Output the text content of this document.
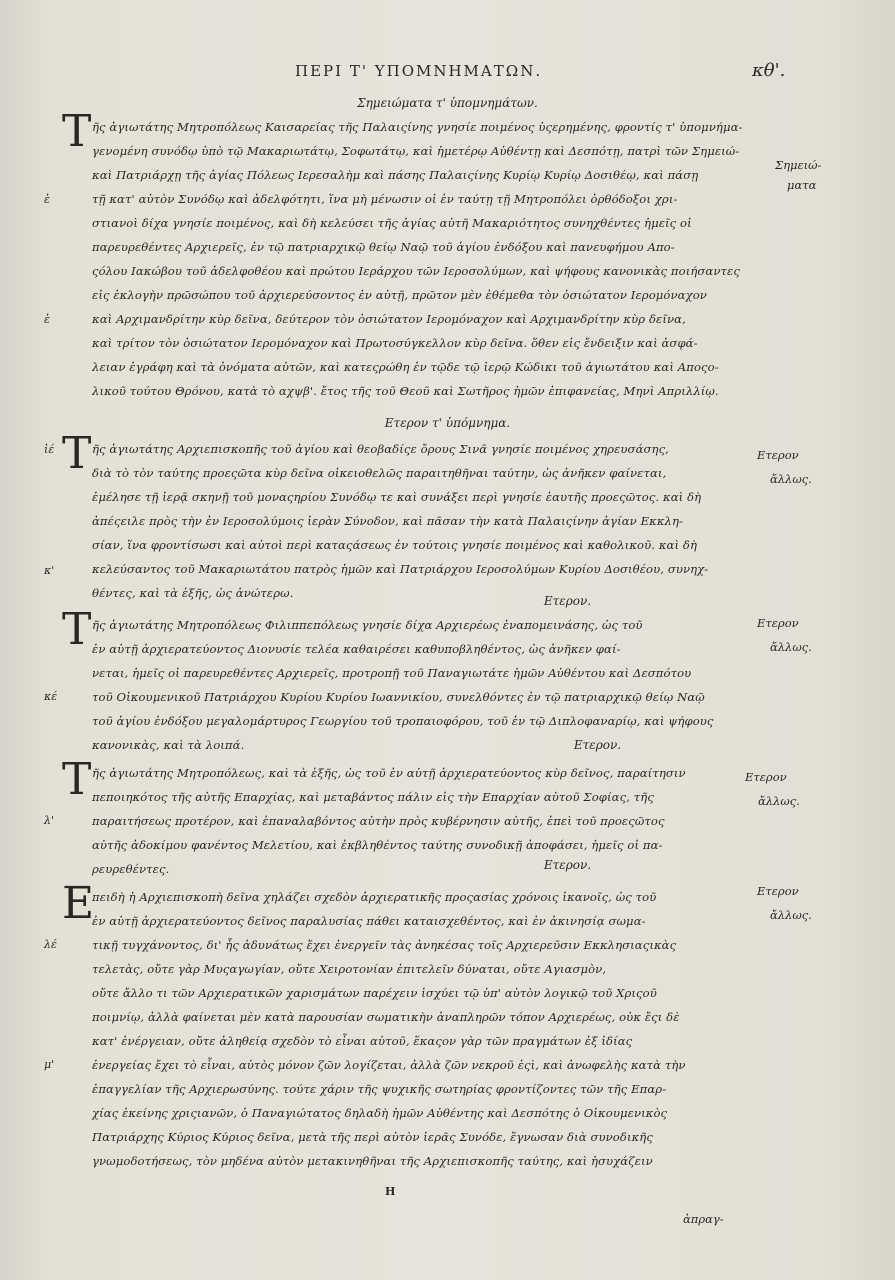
ΠΕΡΙ Τ' ΥΠΟΜΝΗΜΑΤΩΝ.	κθ'.
Σημειώματα τ' ὑπομνημάτων.
Τ ῆς ἁγιωτάτης Μητροπόλεως Καισαρείας τῆς Παλαιςίνης γνησίε ποιμένος ὑςερημένης, φροντίς τ' ὑπομνήμα-
γενομένη συνόδῳ ὑπὸ τῷ Μακαριωτάτῳ, Σοφωτάτῳ, καὶ ἡμετέρῳ Αὐθέντῃ καὶ Δεσπότῃ, πατρὶ τῶν Σημειώ-
καὶ Πατριάρχῃ τῆς ἁγίας Πόλεως Ιερεσαλὴμ καὶ πάσης Παλαιςίνης Κυρίῳ Κυρίῳ Δοσιθέῳ, καὶ πάσῃ
τῇ κατ' αὐτὸν Συνόδῳ καὶ ἀδελφότητι, ἵνα μὴ μένωσιν οἱ ἐν ταύτῃ τῇ Μητροπόλει ὀρθόδοξοι χρι-
στιανοὶ δίχα γνησίε ποιμένος, καὶ δὴ κελεύσει τῆς ἁγίας αὐτῆ Μακαριότητος συνηχθέντες ἡμεῖς οἱ
παρευρεθέντες Αρχιερεῖς, ἐν τῷ πατριαρχικῷ θείῳ Ναῷ τοῦ ἁγίου ἐνδόξου καὶ πανευφήμου Απο-
ςόλου Ιακώβου τοῦ ἀδελφοθέου καὶ πρώτου Ιεράρχου τῶν Ιεροσολύμων, καὶ ψήφους κανονικὰς ποιήσαντες
εἰς ἐκλογὴν πρῶσώπου τοῦ ἀρχιερεύσοντος ἐν αὐτῇ, πρῶτον μὲν ἐθέμεθα τὸν ὁσιώτατον Ιερομόναχον
καὶ Αρχιμανδρίτην κὺρ δεῖνα, δεύτερον τὸν ὁσιώτατον Ιερομόναχον καὶ Αρχιμανδρίτην κὺρ δεῖνα,
καὶ τρίτον τὸν ὁσιώτατον Ιερομόναχον καὶ Πρωτοσύγκελλον κὺρ δεῖνα. ὅθεν εἰς ἔνδειξιν καὶ ἀσφά-
λειαν ἐγράφη καὶ τὰ ὀνόματα αὐτῶν, καὶ κατεςρώθη ἐν τῷδε τῷ ἱερῷ Κώδικι τοῦ ἁγιωτάτου καὶ Αποςο-
λικοῦ τούτου Θρόνου, κατὰ τὸ αχψβ'. ἔτος τῆς τοῦ Θεοῦ καὶ Σωτῆρος ἡμῶν ἐπιφανείας, Μηνὶ Απριλλίῳ.
ἐ
ἐ
Σημειώ-
ματα
Ετερον τ' ὑπόμνημα.
Τ ῆς ἁγιωτάτης Αρχιεπισκοπῆς τοῦ ἁγίου καὶ θεοβαδίςε ὄρους Σινᾶ γνησίε ποιμένος χηρευσάσης,
διὰ τὸ τὸν ταύτης προεςῶτα κὺρ δεῖνα οἰκειοθελῶς παραιτηθῆναι ταύτην, ὡς ἀνῆκεν φαίνεται,
ἐμέλησε τῇ ἱερᾷ σκηνῇ τοῦ μοναςηρίου Συνόδῳ τε καὶ συνάξει περὶ γνησίε ἑαυτῆς προεςῶτος. καὶ δὴ
ἀπέςειλε πρὸς τὴν ἐν Ιεροσολύμοις ἱερὰν Σύνοδον, καὶ πᾶσαν τὴν κατὰ Παλαιςίνην ἁγίαν Εκκλη-
σίαν, ἵνα φροντίσωσι καὶ αὐτοὶ περὶ καταςάσεως ἐν τούτοις γνησίε ποιμένος καὶ καθολικοῦ. καὶ δὴ
κελεύσαντος τοῦ Μακαριωτάτου πατρὸς ἡμῶν καὶ Πατριάρχου Ιεροσολύμων Κυρίου Δοσιθέου, συνηχ-
θέντες, καὶ τὰ ἑξῆς, ὡς ἀνώτερω.
ἰέ
κ'
Ετερον
ἄλλως.
Ετερον.
Τ ῆς ἁγιωτάτης Μητροπόλεως Φιλιππεπόλεως γνησίε δίχα Αρχιερέως ἐναπομεινάσης, ὡς τοῦ
ἐν αὐτῇ ἀρχιερατεύοντος Διονυσίε τελέα καθαιρέσει καθυποβληθέντος, ὡς ἀνῆκεν φαί-
νεται, ἡμεῖς οἱ παρευρεθέντες Αρχιερεῖς, προτροπῇ τοῦ Παναγιωτάτε ἡμῶν Αὐθέντου καὶ Δεσπότου
τοῦ Οἰκουμενικοῦ Πατριάρχου Κυρίου Κυρίου Ιωαννικίου, συνελθόντες ἐν τῷ πατριαρχικῷ θείῳ Ναῷ
τοῦ ἁγίου ἐνδόξου μεγαλομάρτυρος Γεωργίου τοῦ τροπαιοφόρου, τοῦ ἐν τῷ Διπλοφαναρίῳ, καὶ ψήφους
κανονικὰς, καὶ τὰ λοιπά.
κέ
Ετερον
ἄλλως.
Ετερον.
Τ ῆς ἁγιωτάτης Μητροπόλεως, καὶ τὰ ἑξῆς, ὡς τοῦ ἐν αὐτῇ ἀρχιερατεύοντος κὺρ δεῖνος, παραίτησιν
πεποιηκότος τῆς αὐτῆς Επαρχίας, καὶ μεταβάντος πάλιν εἰς τὴν Επαρχίαν αὐτοῦ Σοφίας, τῆς
παραιτήσεως προτέρον, καὶ ἐπαναλαβόντος αὐτὴν πρὸς κυβέρνησιν αὐτῆς, ἐπεὶ τοῦ προεςῶτος
αὐτῆς ἀδοκίμου φανέντος Μελετίου, καὶ ἐκβληθέντος ταύτης συνοδικῇ ἀποφάσει, ἡμεῖς οἱ πα-
ρευρεθέντες.
λ'
Ετερον
ἄλλως.
Ετερον.
Ε
πειδὴ ἡ Αρχιεπισκοπὴ δεῖνα χηλάζει σχεδὸν ἀρχιερατικῆς προςασίας χρόνοις ἱκανοῖς, ὡς τοῦ
ἐν αὐτῇ ἀρχιερατεύοντος δεῖνος παραλυσίας πάθει καταισχεθέντος, καὶ ἐν ἀκινησίᾳ σωμα-
τικῇ τυγχάνοντος, δι' ἧς ἀδυνάτως ἔχει ἐνεργεῖν τὰς ἀνηκέσας τοῖς Αρχιερεῦσιν Εκκλησιαςικὰς
τελετὰς, οὔτε γὰρ Μυςαγωγίαν, οὔτε Χειροτονίαν ἐπιτελεῖν δύναται, οὔτε Αγιασμὸν,
οὔτε ἄλλο τι τῶν Αρχιερατικῶν χαρισμάτων παρέχειν ἰσχύει τῷ ὑπ' αὐτὸν λογικῷ τοῦ Χριςοῦ
ποιμνίῳ, ἀλλὰ φαίνεται μὲν κατὰ παρουσίαν σωματικὴν ἀναπληρῶν τόπον Αρχιερέως, οὐκ ἔςι δὲ
κατ' ἐνέργειαν, οὔτε ἀληθείᾳ σχεδὸν τὸ εἶναι αὐτοῦ, ἕκαςον γὰρ τῶν πραγμάτων ἐξ ἰδίας
ἐνεργείας ἔχει τὸ εἶναι, αὐτὸς μόνον ζῶν λογίζεται, ἀλλὰ ζῶν νεκροῦ ἐςὶ, καὶ ἀνωφελὴς κατὰ τὴν
ἐπαγγελίαν τῆς Αρχιερωσύνης. τούτε χάριν τῆς ψυχικῆς σωτηρίας φροντίζοντες τῶν τῆς Επαρ-
χίας ἐκείνης χριςιανῶν, ὁ Παναγιώτατος δηλαδὴ ἡμῶν Αὐθέντης καὶ Δεσπότης ὁ Οἰκουμενικὸς
Πατριάρχης Κύριος Κύριος δεῖνα, μετὰ τῆς περὶ αὐτὸν ἱερᾶς Συνόδε, ἔγνωσαν διὰ συνοδικῆς
γνωμοδοτήσεως, τὸν μηδένα αὐτὸν μετακινηθῆναι τῆς Αρχιεπισκοπῆς ταύτης, καὶ ἡσυχάζειν
λέ
μ'
Ετερον
ἄλλως.
Η
ἀπραγ-
